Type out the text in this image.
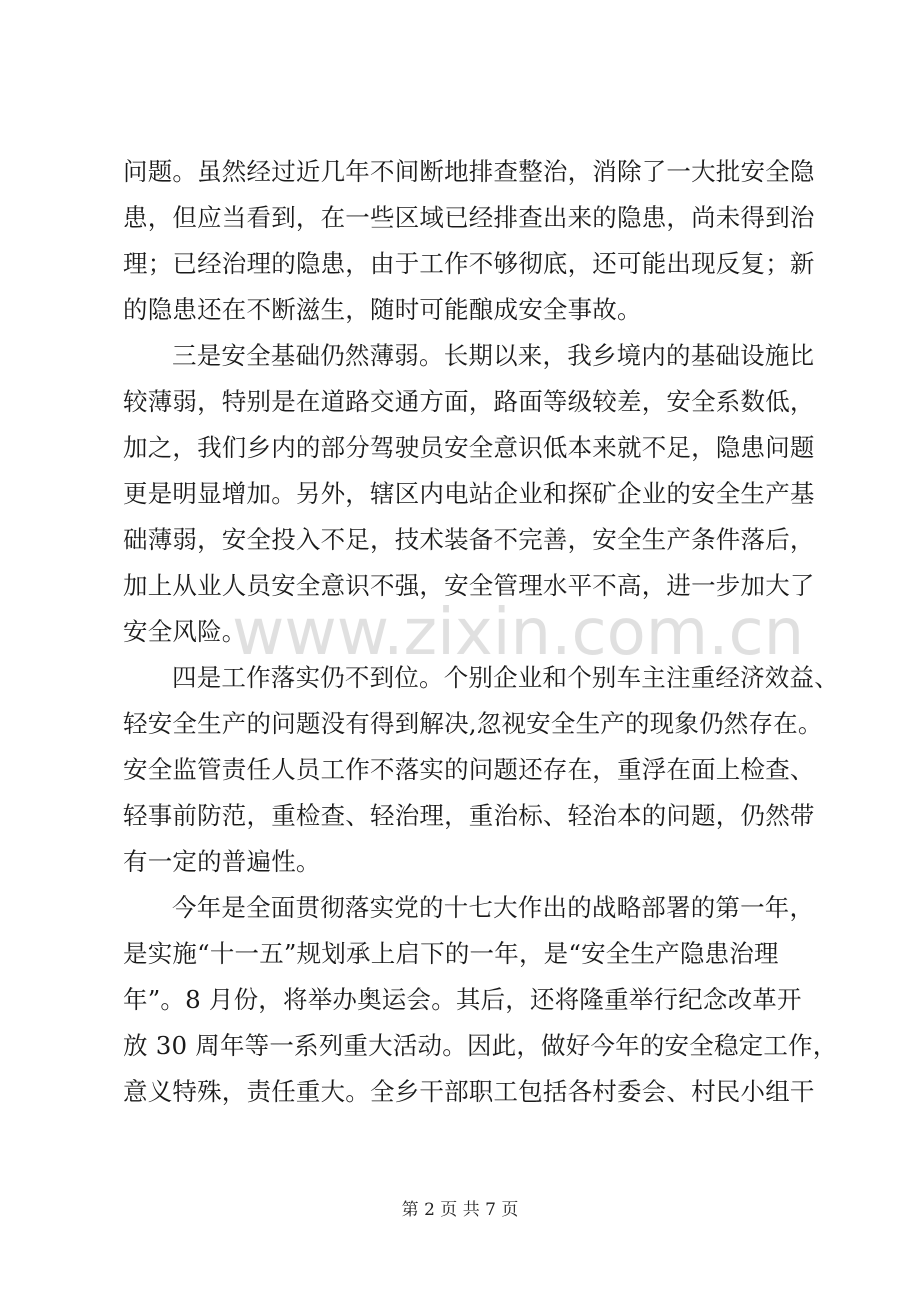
问题。虽然经过近几年不间断地排查整治，消除了一大批安全隐
患，但应当看到，在一些区域已经排查出来的隐患，尚未得到治
理；已经治理的隐患，由于工作不够彻底，还可能出现反复；新
的隐患还在不断滋生，随时可能酿成安全事故。
三是安全基础仍然薄弱。长期以来，我乡境内的基础设施比
较薄弱，特别是在道路交通方面，路面等级较差，安全系数低，
加之，我们乡内的部分驾驶员安全意识低本来就不足，隐患问题
更是明显增加。另外，辖区内电站企业和探矿企业的安全生产基
础薄弱，安全投入不足，技术装备不完善，安全生产条件落后，
加上从业人员安全意识不强，安全管理水平不高，进一步加大了
安全风险。
四是工作落实仍不到位。个别企业和个别车主注重经济效益、
轻安全生产的问题没有得到解决,忽视安全生产的现象仍然存在。
安全监管责任人员工作不落实的问题还存在，重浮在面上检查、
轻事前防范，重检查、轻治理，重治标、轻治本的问题，仍然带
有一定的普遍性。
今年是全面贯彻落实党的十七大作出的战略部署的第一年，
是实施“十一五”规划承上启下的一年，是“安全生产隐患治理
年”。8 月份，将举办奥运会。其后，还将隆重举行纪念改革开
放 30 周年等一系列重大活动。因此，做好今年的安全稳定工作，
意义特殊，责任重大。全乡干部职工包括各村委会、村民小组干
www.zixin.com.cn
第 2 页 共 7 页
